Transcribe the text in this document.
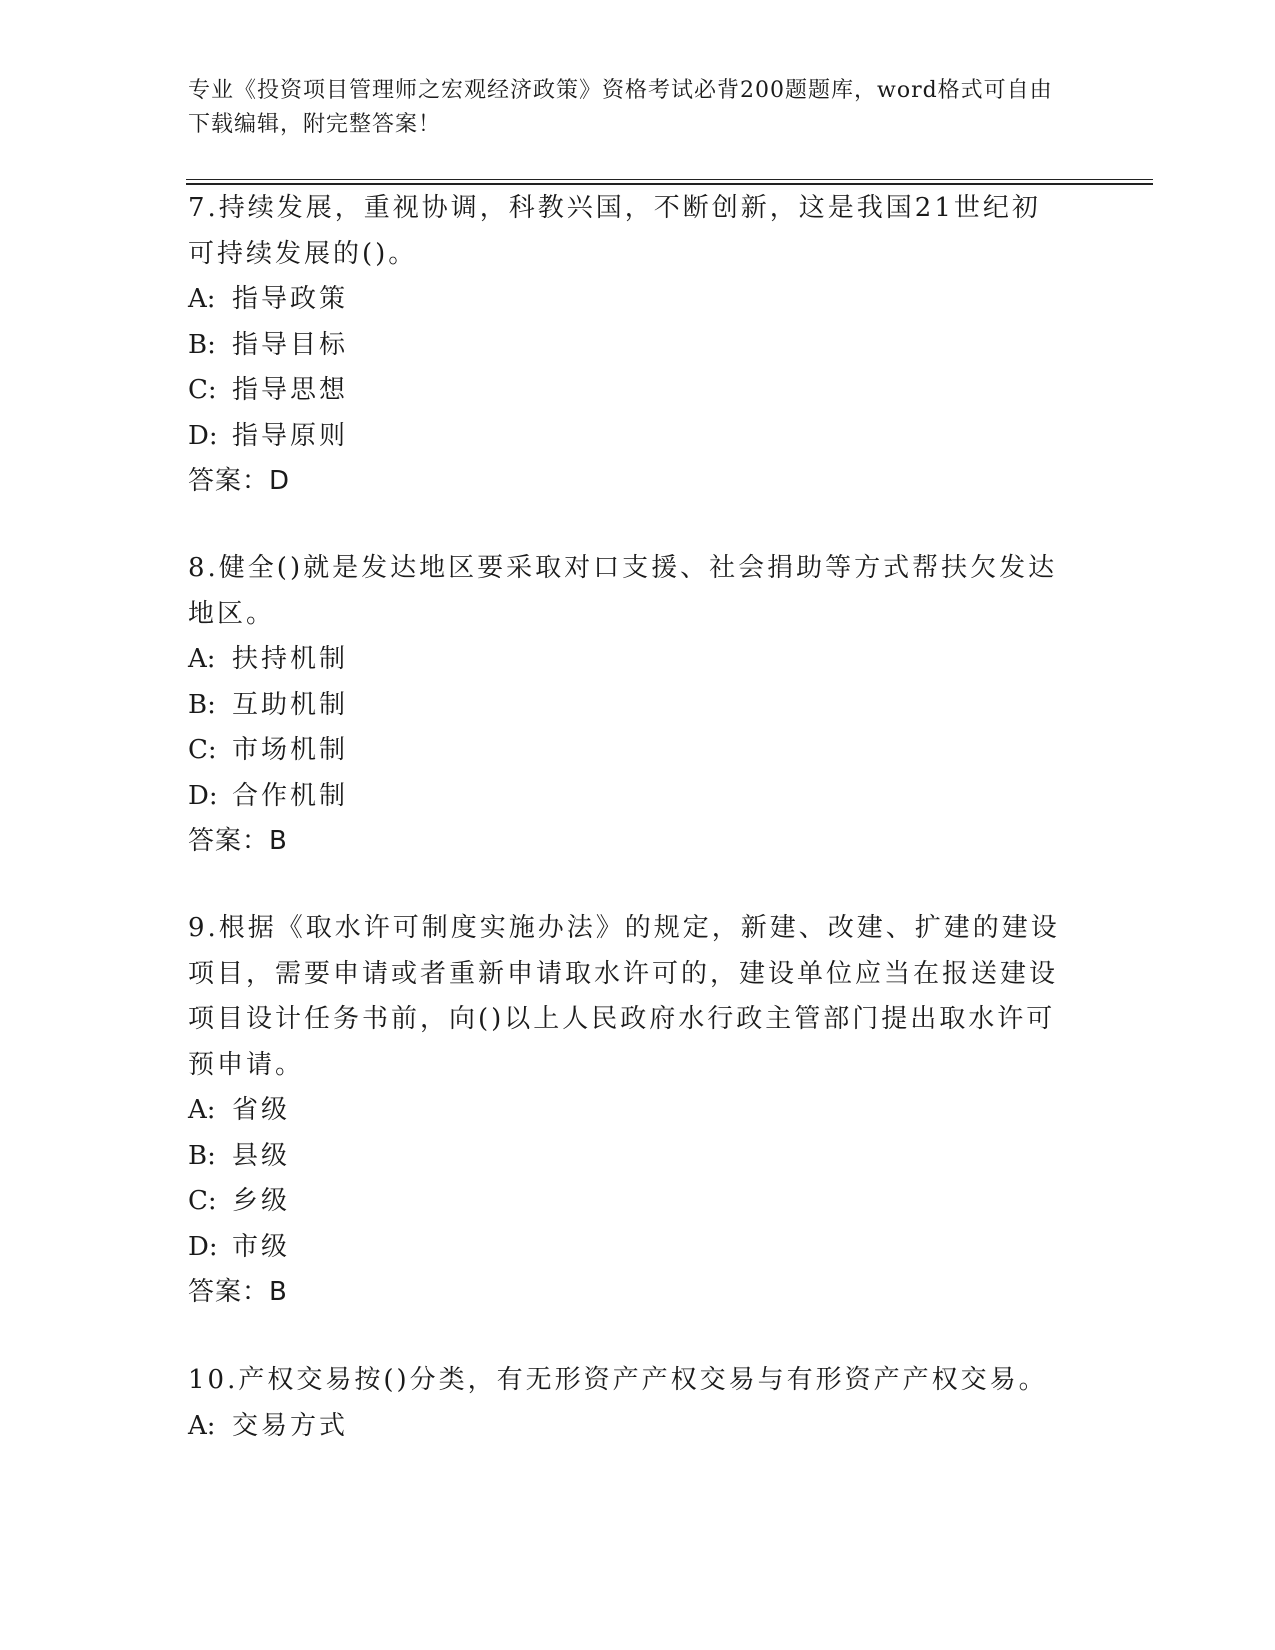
专业《投资项目管理师之宏观经济政策》资格考试必背200题题库，word格式可自由下载编辑，附完整答案！

7.持续发展，重视协调，科教兴国，不断创新，这是我国21世纪初可持续发展的()。

A: 指导政策
B: 指导目标
C: 指导思想
D: 指导原则
答案：D

8.健全()就是发达地区要采取对口支援、社会捐助等方式帮扶欠发达地区。

A: 扶持机制
B: 互助机制
C: 市场机制
D: 合作机制
答案：B

9.根据《取水许可制度实施办法》的规定，新建、改建、扩建的建设项目，需要申请或者重新申请取水许可的，建设单位应当在报送建设项目设计任务书前，向()以上人民政府水行政主管部门提出取水许可预申请。

A: 省级
B: 县级
C: 乡级
D: 市级
答案：B

10.产权交易按()分类，有无形资产产权交易与有形资产产权交易。

A: 交易方式
